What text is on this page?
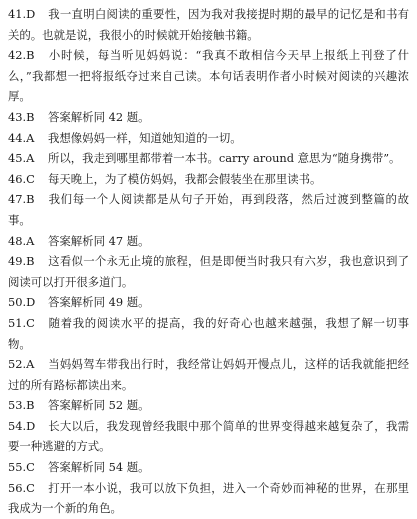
41.D 我一直明白阅读的重要性，因为我对我接提时期的最早的记忆是和书有关的。也就是说，我很小的时候就开始接触书籍。

42.B 小时候，每当听见妈妈说：“我真不敢相信今天早上报纸上刊登了什么，”我都想一把将报纸夺过来自己读。本句话表明作者小时候对阅读的兴趣浓厚。

43.B 答案解析同 42 题。

44.A 我想像妈妈一样，知道她知道的一切。

45.A 所以，我走到哪里都带着一本书。carry around 意思为“随身携带”。

46.C 每天晚上，为了模仿妈妈，我都会假装坐在那里读书。

47.B 我们每一个人阅读都是从句子开始，再到段落，然后过渡到整篇的故事。

48.A 答案解析同 47 题。

49.B 这看似一个永无止境的旅程，但是即便当时我只有六岁，我也意识到了阅读可以打开很多道门。

50.D 答案解析同 49 题。

51.C 随着我的阅读水平的提高，我的好奇心也越来越强，我想了解一切事物。

52.A 当妈妈驾车带我出行时，我经常让妈妈开慢点儿，这样的话我就能把经过的所有路标都读出来。

53.B 答案解析同 52 题。

54.D 长大以后，我发现曾经我眼中那个简单的世界变得越来越复杂了，我需要一种逃避的方式。

55.C 答案解析同 54 题。

56.C 打开一本小说，我可以放下负担，进入一个奇妙而神秘的世界，在那里我成为一个新的角色。
